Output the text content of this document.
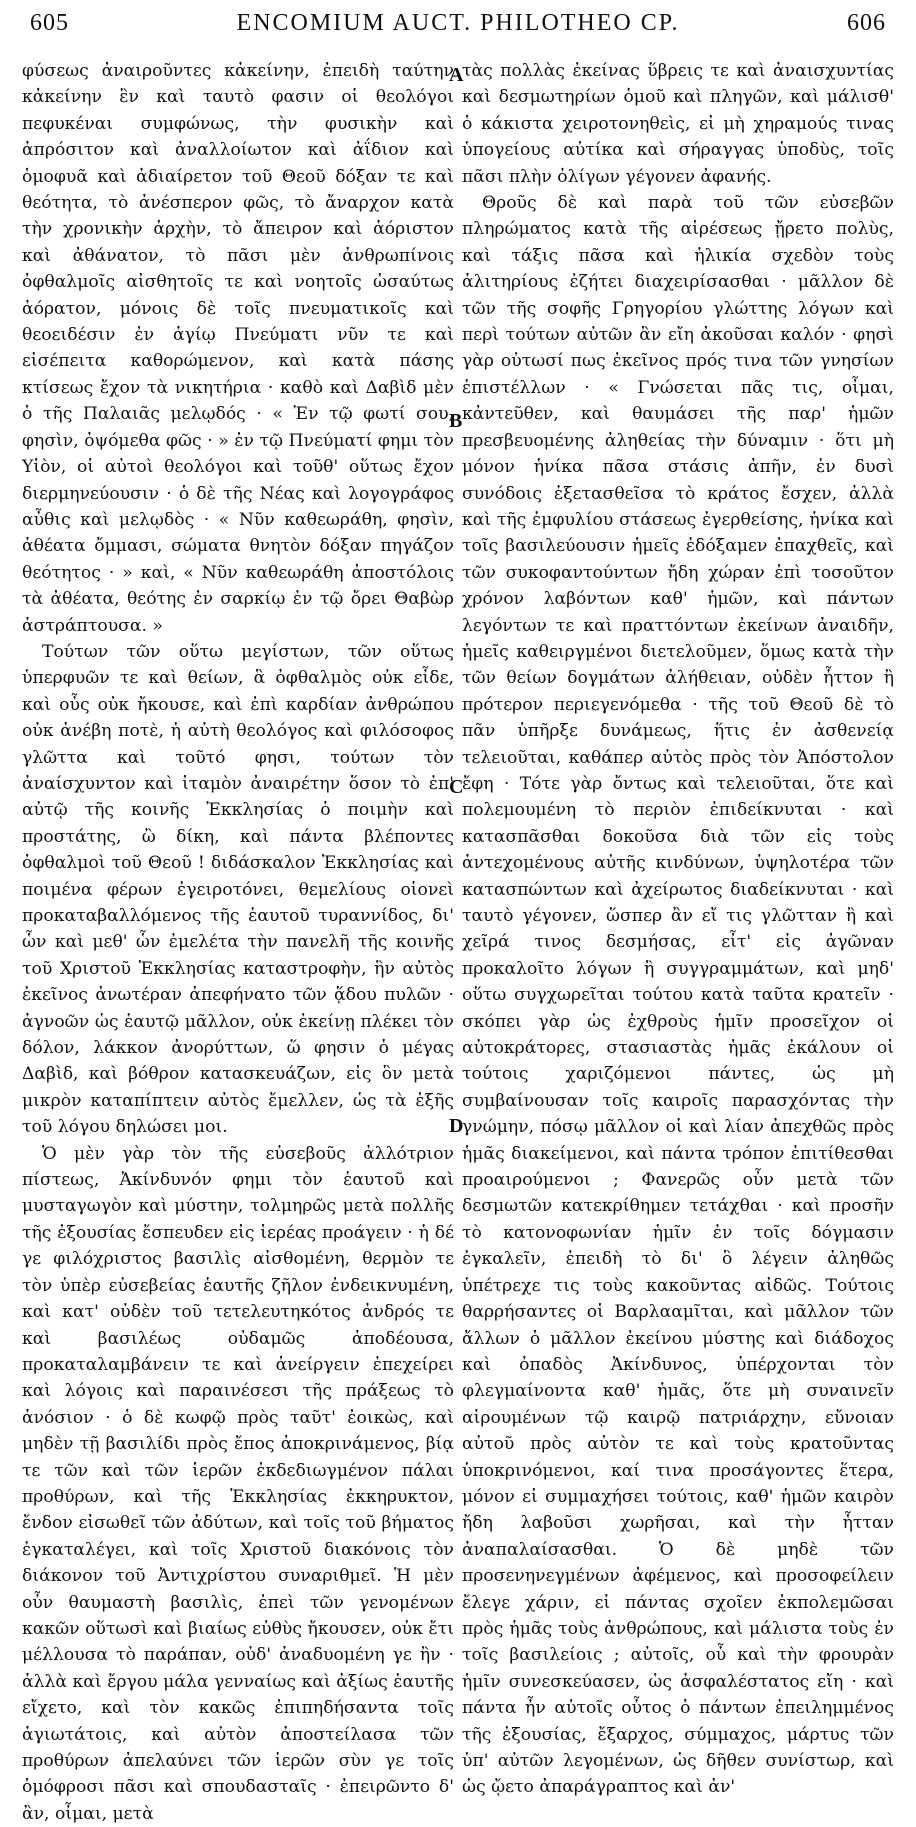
605	ENCOMIUM AUCT. PHILOTHEO CP.	606

φύσεως ἀναιροῦντες κἀκείνην, ἐπειδὴ ταύτην κἀκείνην ἓν καὶ ταυτὸ φασιν οἱ θεολόγοι πεφυκέναι συμφώνως, τὴν φυσικὴν καὶ ἀπρόσιτον καὶ ἀναλλοίωτον καὶ ἀΐδιον καὶ ὁμοφυᾶ καὶ ἀδιαίρετον τοῦ Θεοῦ δόξαν τε καὶ θεότητα, τὸ ἀνέσπερον φῶς, τὸ ἄναρχον κατὰ τὴν χρονικὴν ἀρχὴν, τὸ ἄπειρον καὶ ἀόριστον καὶ ἀθάνατον, τὸ πᾶσι μὲν ἀνθρωπίνοις ὀφθαλμοῖς αἰσθητοῖς τε καὶ νοητοῖς ὡσαύτως ἀόρατον, μόνοις δὲ τοῖς πνευματικοῖς καὶ θεοειδέσιν ἐν ἁγίῳ Πνεύματι νῦν τε καὶ εἰσέπειτα καθορώμενον, καὶ κατὰ πάσης κτίσεως ἔχον τὰ νικητήρια · καθὸ καὶ Δαβὶδ μὲν ὁ τῆς Παλαιᾶς μελῳδός · « Ἐν τῷ φωτί σου, φησὶν, ὀψόμεθα φῶς · » ἐν τῷ Πνεύματί φημι τὸν Υἱὸν, οἱ αὐτοὶ θεολόγοι καὶ τοῦθ' οὕτως ἔχον διερμηνεύουσιν · ὁ δὲ τῆς Νέας καὶ λογογράφος αὖθις καὶ μελῳδὸς · « Νῦν καθεωράθη, φησὶν, ἀθέατα ὄμμασι, σώματα θνητὸν δόξαν πηγάζον θεότητος · » καὶ, « Νῦν καθεωράθη ἀποστόλοις τὰ ἀθέατα, θεότης ἐν σαρκίῳ ἐν τῷ ὄρει Θαβὼρ ἀστράπτουσα. »

Τούτων τῶν οὕτω μεγίστων, τῶν οὕτως ὑπερφυῶν τε καὶ θείων, ἃ ὀφθαλμὸς οὐκ εἶδε, καὶ οὖς οὐκ ἤκουσε, καὶ ἐπὶ καρδίαν ἀνθρώπου οὐκ ἀνέβη ποτὲ, ἡ αὐτὴ θεολόγος καὶ φιλόσοφος γλῶττα καὶ τοῦτό φησι, τούτων τὸν ἀναίσχυντον καὶ ἰταμὸν ἀναιρέτην ὅσον τὸ ἐπ' αὐτῷ τῆς κοινῆς Ἐκκλησίας ὁ ποιμὴν καὶ προστάτης, ὢ δίκη, καὶ πάντα βλέποντες ὀφθαλμοὶ τοῦ Θεοῦ ! διδάσκαλον Ἐκκλησίας καὶ ποιμένα φέρων ἐγειροτόνει, θεμελίους οἱονεὶ προκαταβαλλόμενος τῆς ἑαυτοῦ τυραννίδος, δι' ὧν καὶ μεθ' ὧν ἐμελέτα τὴν πανελῆ τῆς κοινῆς τοῦ Χριστοῦ Ἐκκλησίας καταστροφὴν, ἣν αὐτὸς ἐκεῖνος ἀνωτέραν ἀπεφήνατο τῶν ᾅδου πυλῶν · ἀγνοῶν ὡς ἑαυτῷ μᾶλλον, οὐκ ἐκείνῃ πλέκει τὸν δόλον, λάκκον ἀνορύττων, ὥ φησιν ὁ μέγας Δαβὶδ, καὶ βόθρον κατασκευάζων, εἰς ὃν μετὰ μικρὸν καταπίπτειν αὐτὸς ἔμελλεν, ὡς τὰ ἑξῆς τοῦ λόγου δηλώσει μοι.

Ὁ μὲν γὰρ τὸν τῆς εὐσεβοῦς ἀλλότριον πίστεως, Ἀκίνδυνόν φημι τὸν ἑαυτοῦ καὶ μυσταγωγὸν καὶ μύστην, τολμηρῶς μετὰ πολλῆς τῆς ἐξουσίας ἔσπευδεν εἰς ἱερέας προάγειν · ἡ δέ γε φιλόχριστος βασιλὶς αἰσθομένη, θερμὸν τε τὸν ὑπὲρ εὐσεβείας ἑαυτῆς ζῆλον ἐνδεικνυμένη, καὶ κατ' οὐδὲν τοῦ τετελευτηκότος ἀνδρός τε καὶ βασιλέως οὐδαμῶς ἀποδέουσα, προκαταλαμβάνειν τε καὶ ἀνείργειν ἐπεχείρει καὶ λόγοις καὶ παραινέσεσι τῆς πράξεως τὸ ἀνόσιον · ὁ δὲ κωφῷ πρὸς ταῦτ' ἐοικὼς, καὶ μηδὲν τῇ βασιλίδι πρὸς ἔπος ἀποκρινάμενος, βίᾳ τε τῶν καὶ τῶν ἱερῶν ἐκδεδιωγμένον πάλαι προθύρων, καὶ τῆς Ἐκκλησίας ἐκκηρυκτον, ἔνδον εἰσωθεῖ τῶν ἀδύτων, καὶ τοῖς τοῦ βήματος ἐγκαταλέγει, καὶ τοῖς Χριστοῦ διακόνοις τὸν διάκονον τοῦ Ἀντιχρίστου συναριθμεῖ. Ἡ μὲν οὖν θαυμαστὴ βασιλὶς, ἐπεὶ τῶν γενομένων κακῶν οὕτωσὶ καὶ βιαίως εὐθὺς ἤκουσεν, οὐκ ἔτι μέλλουσα τὸ παράπαν, οὐδ' ἀναδυομένη γε ἢν · ἀλλὰ καὶ ἔργου μάλα γενναίως καὶ ἀξίως ἑαυτῆς εἴχετο, καὶ τὸν κακῶς ἐπιπηδήσαντα τοῖς ἀγιωτάτοις, καὶ αὐτὸν ἀποστείλασα τῶν προθύρων ἀπελαύνει τῶν ἱερῶν σὺν γε τοῖς ὁμόφροσι πᾶσι καὶ σπουδασταῖς · ἐπειρῶντο δ' ἂν, οἶμαι, μετὰ

τὰς πολλὰς ἐκείνας ὕβρεις τε καὶ ἀναισχυντίας καὶ δεσμωτηρίων ὁμοῦ καὶ πληγῶν, καὶ μάλισθ' ὁ κάκιστα χειροτονηθεὶς, εἰ μὴ χηραμούς τινας ὑπογείους αὐτίκα καὶ σήραγγας ὑποδὺς, τοῖς πᾶσι πλὴν ὀλίγων γέγονεν ἀφανής.

Θροῦς δὲ καὶ παρὰ τοῦ τῶν εὐσεβῶν πληρώματος κατὰ τῆς αἱρέσεως ᾔρετο πολὺς, καὶ τάξις πᾶσα καὶ ἡλικία σχεδὸν τοὺς ἀλιτηρίους ἐζήτει διαχειρίσασθαι · μᾶλλον δὲ τῶν τῆς σοφῆς Γρηγορίου γλώττης λόγων καὶ περὶ τούτων αὐτῶν ἂν εἴη ἀκοῦσαι καλόν · φησὶ γὰρ οὑτωσί πως ἐκεῖνος πρός τινα τῶν γνησίων ἐπιστέλλων · « Γνώσεται πᾶς τις, οἶμαι, κἀντεῦθεν, καὶ θαυμάσει τῆς παρ' ἡμῶν πρεσβευομένης ἀληθείας τὴν δύναμιν · ὅτι μὴ μόνον ἡνίκα πᾶσα στάσις ἀπῆν, ἐν δυσὶ συνόδοις ἐξετασθεῖσα τὸ κράτος ἔσχεν, ἀλλὰ καὶ τῆς ἐμφυλίου στάσεως ἐγερθείσης, ἡνίκα καὶ τοῖς βασιλεύουσιν ἡμεῖς ἐδόξαμεν ἐπαχθεῖς, καὶ τῶν συκοφαντούντων ἤδη χώραν ἐπὶ τοσοῦτον χρόνον λαβόντων καθ' ἡμῶν, καὶ πάντων λεγόντων τε καὶ πραττόντων ἐκείνων ἀναιδῆν, ἡμεῖς καθειργμένοι διετελοῦμεν, ὅμως κατὰ τὴν τῶν θείων δογμάτων ἀλήθειαν, οὐδὲν ἧττον ἢ πρότερον περιεγενόμεθα · τῆς τοῦ Θεοῦ δὲ τὸ πᾶν ὑπῆρξε δυνάμεως, ἥτις ἐν ἀσθενείᾳ τελειοῦται, καθάπερ αὐτὸς πρὸς τὸν Ἀπόστολον ἔφη · Τότε γὰρ ὄντως καὶ τελειοῦται, ὅτε καὶ πολεμουμένη τὸ περιὸν ἐπιδείκνυται · καὶ κατασπᾶσθαι δοκοῦσα διὰ τῶν εἰς τοὺς ἀντεχομένους αὐτῆς κινδύνων, ὑψηλοτέρα τῶν κατασπώντων καὶ ἀχείρωτος διαδείκνυται · καὶ ταυτὸ γέγονεν, ὥσπερ ἂν εἴ τις γλῶτταν ἢ καὶ χεῖρά τινος δεσμήσας, εἶτ' εἰς ἀγῶναν προκαλοῖτο λόγων ἢ συγγραμμάτων, καὶ μηδ' οὕτω συγχωρεῖται τούτου κατὰ ταῦτα κρατεῖν · σκόπει γὰρ ὡς ἐχθροὺς ἡμῖν προσεῖχον οἱ αὐτοκράτορες, στασιαστὰς ἡμᾶς ἐκάλουν οἱ τούτοις χαριζόμενοι πάντες, ὡς μὴ συμβαίνουσαν τοῖς καιροῖς παρασχόντας τὴν γνώμην, πόσῳ μᾶλλον οἱ καὶ λίαν ἀπεχθῶς πρὸς ἡμᾶς διακείμενοι, καὶ πάντα τρόπον ἐπιτίθεσθαι προαιρούμενοι ; Φανερῶς οὖν μετὰ τῶν δεσμωτῶν κατεκρίθημεν τετάχθαι · καὶ προσῆν τὸ κατονοφωνίαν ἡμῖν ἐν τοῖς δόγμασιν ἐγκαλεῖν, ἐπειδὴ τὸ δι' ὃ λέγειν ἀληθῶς ὑπέτρεχε τις τοὺς κακοῦντας αἰδῶς. Τούτοις θαρρήσαντες οἱ Βαρλααμῖται, καὶ μᾶλλον τῶν ἄλλων ὁ μᾶλλον ἐκείνου μύστης καὶ διάδοχος καὶ ὀπαδὸς Ἀκίνδυνος, ὑπέρχονται τὸν φλεγμαίνοντα καθ' ἡμᾶς, ὅτε μὴ συναινεῖν αἱρουμένων τῷ καιρῷ πατριάρχην, εὔνοιαν αὐτοῦ πρὸς αὐτὸν τε καὶ τοὺς κρατοῦντας ὑποκρινόμενοι, καί τινα προσάγοντες ἕτερα, μόνον εἰ συμμαχήσει τούτοις, καθ' ἡμῶν καιρὸν ἤδη λαβοῦσι χωρῆσαι, καὶ τὴν ἧτταν ἀναπαλαίσασθαι. Ὁ δὲ μηδὲ τῶν προσενηνεγμένων ἀφέμενος, καὶ προσοφείλειν ἔλεγε χάριν, εἰ πάντας σχοῖεν ἐκπολεμῶσαι πρὸς ἡμᾶς τοὺς ἀνθρώπους, καὶ μάλιστα τοὺς ἐν τοῖς βασιλείοις ; αὐτοῖς, οὗ καὶ τὴν φρουρὰν ἡμῖν συνεσκεύασεν, ὡς ἀσφαλέστατος εἴη · καὶ πάντα ἦν αὐτοῖς οὗτος ὁ πάντων ἐπειλημμένος τῆς ἐξουσίας, ἔξαρχος, σύμμαχος, μάρτυς τῶν ὑπ' αὐτῶν λεγομένων, ὡς δῆθεν συνίστωρ, καὶ ὡς ᾤετο ἀπαράγραπτος καὶ ἀν'

A
B
C
D
